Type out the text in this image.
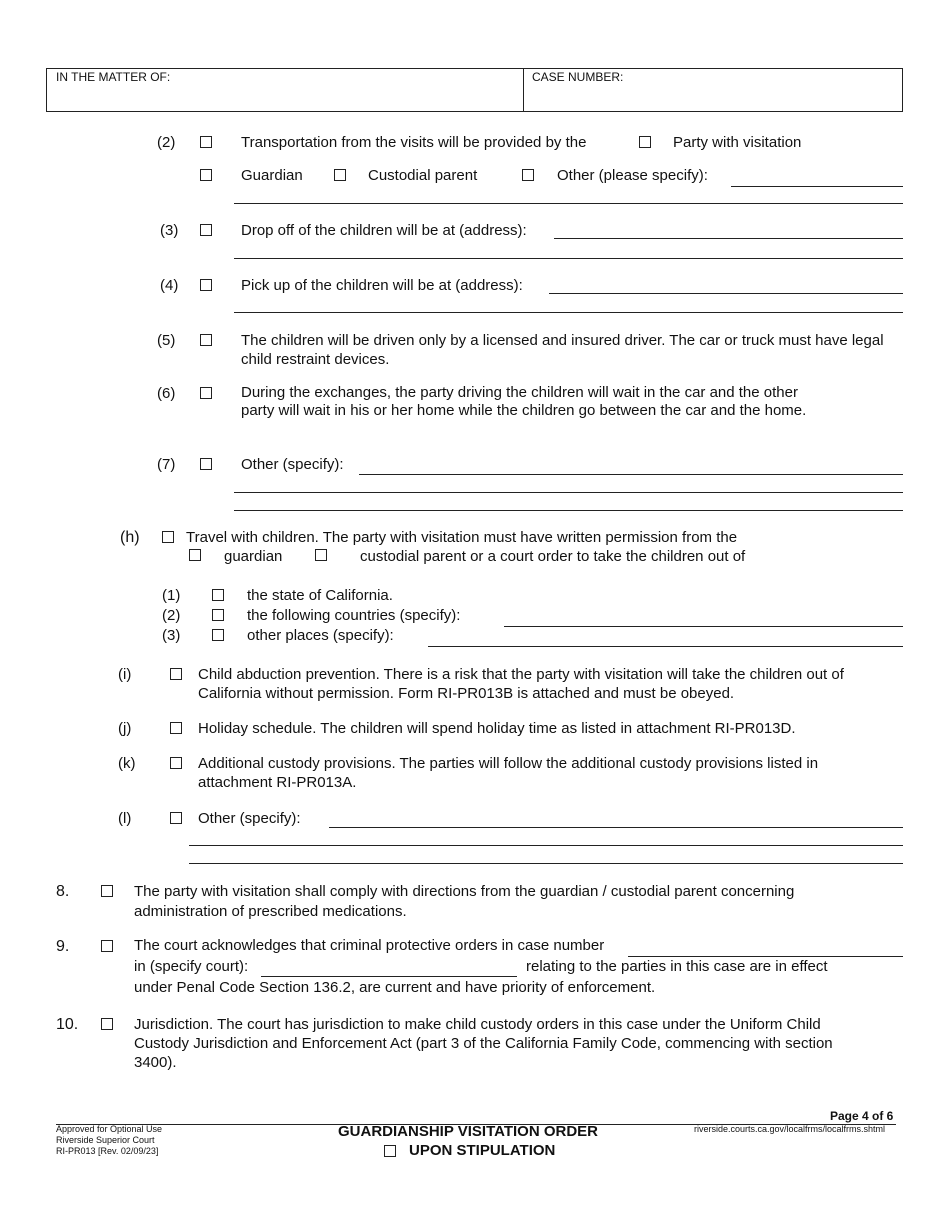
IN THE MATTER OF:	CASE NUMBER:
(2)	Transportation from the visits will be provided by the	Party with visitation
Guardian	Custodial parent	Other (please specify):
(3)	Drop off of the children will be at (address):
(4)	Pick up of the children will be at (address):
(5)	The children will be driven only by a licensed and insured driver. The car or truck must have legal child restraint devices.
(6)	During the exchanges, the party driving the children will wait in the car and the other party will wait in his or her home while the children go between the car and the home.
(7)	Other (specify):
(h)	Travel with children. The party with visitation must have written permission from the
guardian	custodial parent or a court order to take the children out of
(1)	the state of California.
(2)	the following countries (specify):
(3)	other places (specify):
(i)	Child abduction prevention. There is a risk that the party with visitation will take the children out of California without permission. Form RI-PR013B is attached and must be obeyed.
(j)	Holiday schedule. The children will spend holiday time as listed in attachment RI-PR013D.
(k)	Additional custody provisions. The parties will follow the additional custody provisions listed in attachment RI-PR013A.
(l)	Other (specify):
8.	The party with visitation shall comply with directions from the guardian / custodial parent concerning administration of prescribed medications.
9.	The court acknowledges that criminal protective orders in case number
in (specify court):	relating to the parties in this case are in effect
under Penal Code Section 136.2, are current and have priority of enforcement.
10.	Jurisdiction. The court has jurisdiction to make child custody orders in this case under the Uniform Child Custody Jurisdiction and Enforcement Act (part 3 of the California Family Code, commencing with section 3400).
Page 4 of 6
Approved for Optional Use
Riverside Superior Court
RI-PR013 [Rev. 02/09/23]
GUARDIANSHIP VISITATION ORDER
UPON STIPULATION
riverside.courts.ca.gov/localfrms/localfrms.shtml
